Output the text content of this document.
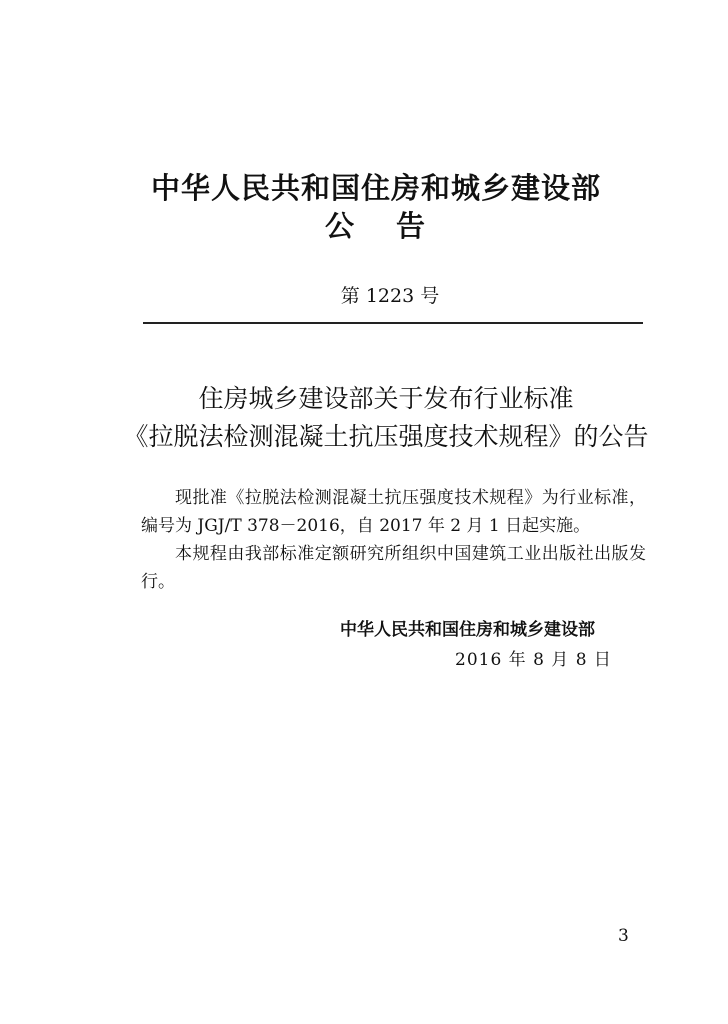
中华人民共和国住房和城乡建设部
公告
第 1223 号
住房城乡建设部关于发布行业标准
《拉脱法检测混凝土抗压强度技术规程》的公告

现批准《拉脱法检测混凝土抗压强度技术规程》为行业标准，编号为 JGJ/T 378－2016，自 2017 年 2 月 1 日起实施。

本规程由我部标准定额研究所组织中国建筑工业出版社出版发行。

中华人民共和国住房和城乡建设部
2016 年 8 月 8 日
3
